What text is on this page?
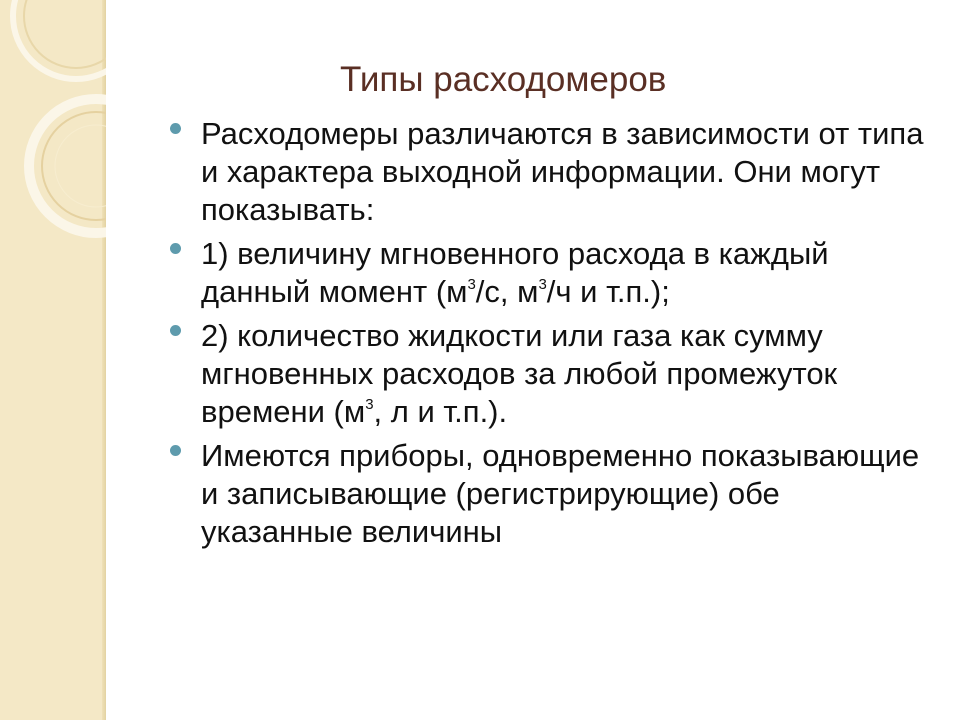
Типы расходомеров
Расходомеры различаются в зависимости от типа и характера выходной информации. Они могут показывать:
1) величину мгновенного расхода в каждый данный момент ($м^3/с$, $м^3/ч$ и т.п.);
2) количество жидкости или газа как сумму мгновенных расходов за любой промежуток времени ($м^3$, л и т.п.).
Имеются приборы, одновременно показывающие и записывающие (регистрирующие) обе указанные величины
